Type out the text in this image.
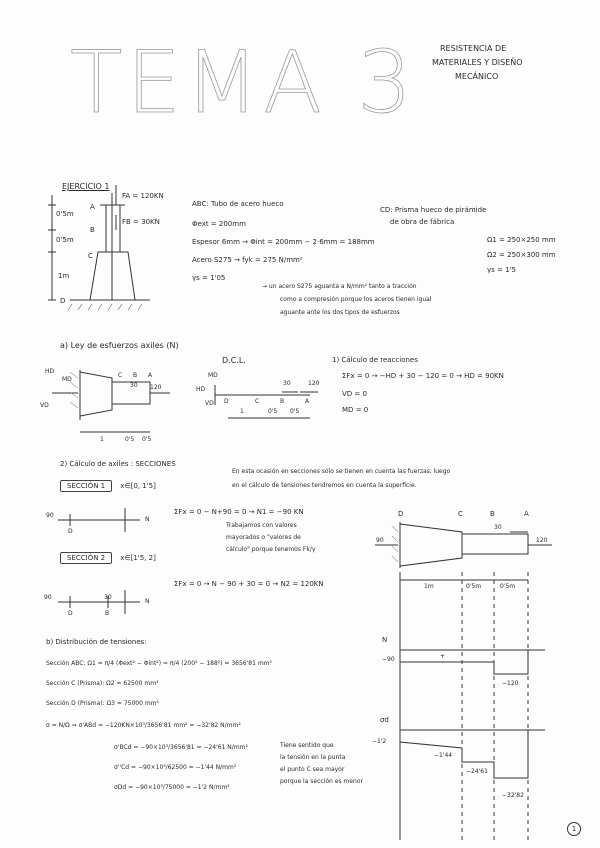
TEMA 3	RESISTENCIA DE
MATERIALES Y DISEÑO
MECÁNICO
EJERCICIO 1
FA = 120KN
FB = 30KN
0'5m
0'5m
1m
A
B
C
D
ABC: Tubo de acero hueco
Φext = 200mm
Espesor 6mm → Φint = 200mm − 2·6mm = 188mm
Acero S275 → fyk = 275 N/mm²
γs = 1'05
CD: Prisma hueco de pirámide
de obra de fábrica
Ω1 = 250×250 mm
Ω2 = 250×300 mm
γs = 1'5
→ un acero S275 aguanta a N/mm² tanto a tracción
como a compresión porque los aceros tienen igual
aguante ante los dos tipos de esfuerzos
a) Ley de esfuerzos axiles (N)
HD
VD
MD
C B A
30 120
1	0'5 0'5
D.C.L.
MD
HD
VD D	C	B	A
30	120
1	0'5 0'5
1) Cálculo de reacciones
ΣFx = 0 → −HD + 30 − 120 = 0 → HD = 90KN
VD = 0
MD = 0
2) Cálculo de axiles : SECCIONES
En esta ocasión en secciones sólo se tienen en cuenta las fuerzas, luego
en el cálculo de tensiones tendremos en cuenta la superficie.
SECCIÓN 1 x∈[0, 1'5]
ΣFx = 0 − N+90 = 0 → N1 = −90 KN
90
D
N
Trabajamos con valores
mayorados o "valores de
cálculo" porque tenemos Fk/γ
SECCIÓN 2 x∈[1'5, 2]
ΣFx = 0 → N − 90 + 30 = 0 → N2 = 120KN
90
D
30
B
N
D	C	B	A
90
30
120
1m	0'5m	0'5m
N
−90	+
−120
σd
−1'2
−1'44
−24'61
−32'82
b) Distribución de tensiones:
Sección ABC: Ω1 = π/4 (Φext² − Φint²) = π/4 (200² − 188²) = 3656'81 mm²
Sección C (Prisma): Ω2 = 62500 mm²
Sección D (Prisma): Ω3 = 75000 mm²
σ = N/Ω ⇒ σ'ABd = −120KN×10³/3656'81 mm² = −32'82 N/mm²
σ'BCd = −90×10³/3656'81 = −24'61 N/mm²
σ''Cd = −90×10³/62500 = −1'44 N/mm²
σDd = −90×10³/75000 = −1'2 N/mm²
Tiene sentido que
la tensión en la punta
el punto C sea mayor
porque la sección es menor
1
